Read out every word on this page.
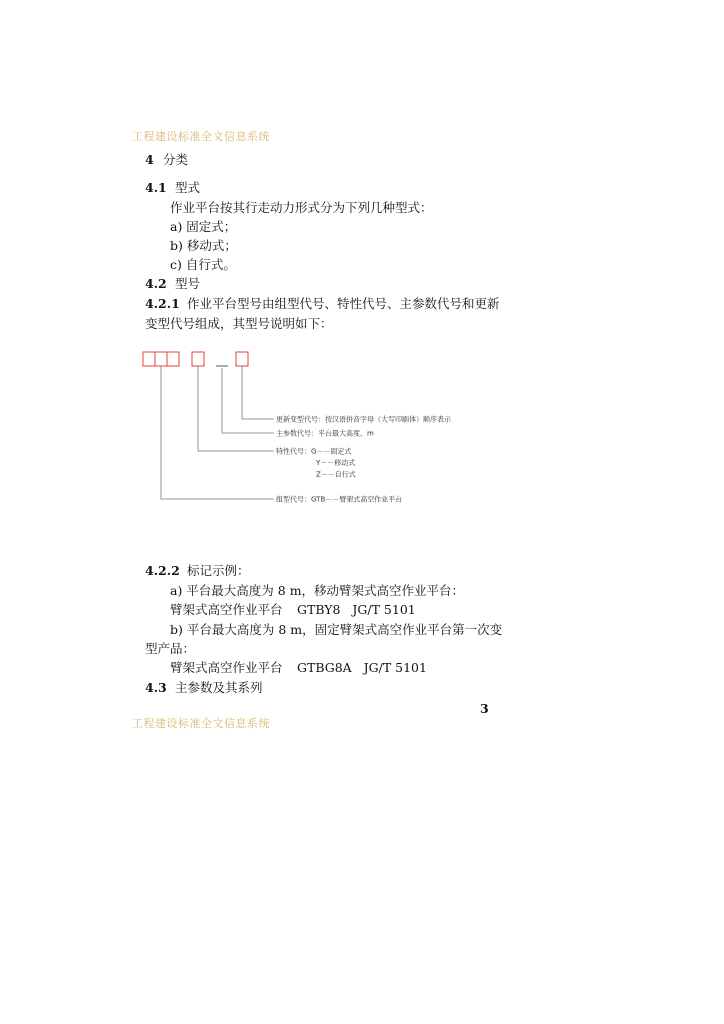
工程建设标准全文信息系统
4 分类
4.1 型式
作业平台按其行走动力形式分为下列几种型式：
a) 固定式；
b) 移动式；
c) 自行式。
4.2 型号
4.2.1 作业平台型号由组型代号、特性代号、主参数代号和更新
变型代号组成，其型号说明如下：
更新变型代号：按汉语拼音字母（大写印刷体）顺序表示
主参数代号：平台最大高度，m
特性代号：G－－固定式
Y－－移动式
Z－－自行式
组型代号：GTB－－臂架式高空作业平台
4.2.2 标记示例：
a) 平台最大高度为 8 m，移动臂架式高空作业平台：
臂架式高空作业平台 GTBY8   JG/T 5101
b) 平台最大高度为 8 m，固定臂架式高空作业平台第一次变
型产品：
臂架式高空作业平台 GTBG8A   JG/T 5101
4.3 主参数及其系列
3
工程建设标准全文信息系统
